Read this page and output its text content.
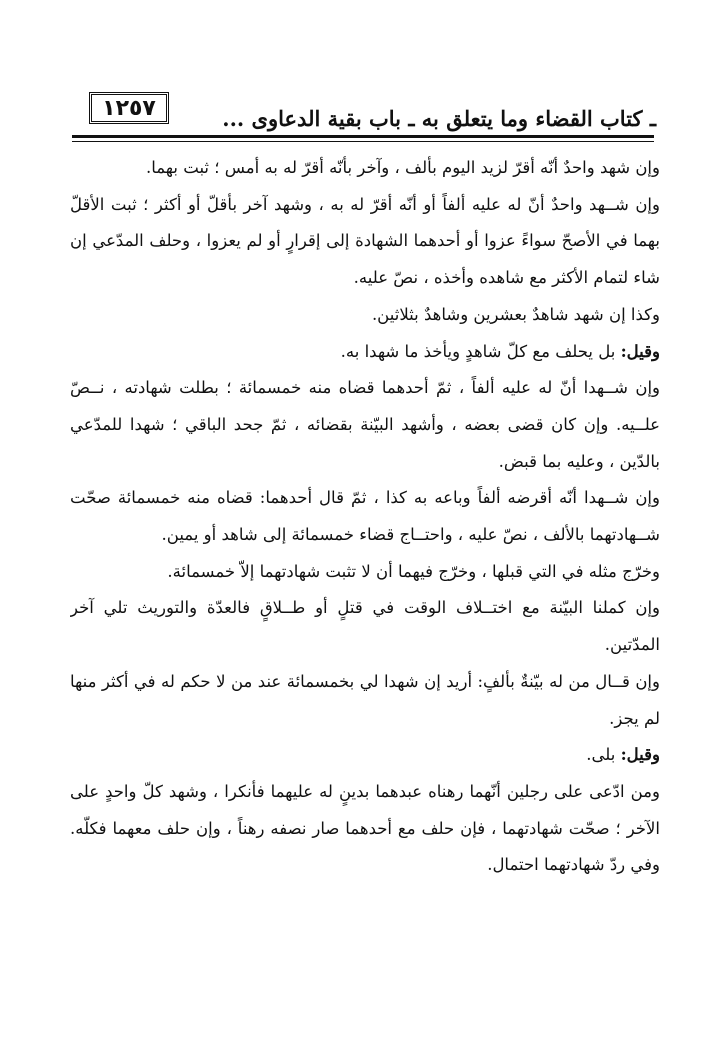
١٢٥٧	ـ كتاب القضاء وما يتعلق به ـ باب بقية الدعاوى ...

وإن شهد واحدٌ أنّه أقرّ لزيد اليوم بألف ، وآخر بأنّه أقرّ له به أمس ؛ ثبت بهما.

وإن شــهد واحدٌ أنّ له عليه ألفاً أو أنّه أقرّ له به ، وشهد آخر بأقلّ أو أكثر ؛ ثبت الأقلّ بهما في الأصحّ سواءً عزوا أو أحدهما الشهادة إلى إقرارٍ أو لم يعزوا ، وحلف المدّعي إن شاء لتمام الأكثر مع شاهده وأخذه ، نصّ عليه.

وكذا إن شهد شاهدٌ بعشرين وشاهدٌ بثلاثين.

وقيل: بل يحلف مع كلّ شاهدٍ ويأخذ ما شهدا به.

وإن شــهدا أنّ له عليه ألفاً ، ثمّ أحدهما قضاه منه خمسمائة ؛ بطلت شهادته ، نــصّ علــيه. وإن كان قضى بعضه ، وأشهد البيّنة بقضائه ، ثمّ جحد الباقي ؛ شهدا للمدّعي بالدّين ، وعليه بما قبض.

وإن شــهدا أنّه أقرضه ألفاً وباعه به كذا ، ثمّ قال أحدهما: قضاه منه خمسمائة صحّت شــهادتهما بالألف ، نصّ عليه ، واحتــاج قضاء خمسمائة إلى شاهد أو يمين.

وخرّج مثله في التي قبلها ، وخرّج فيهما أن لا تثبت شهادتهما إلاّ خمسمائة.

وإن كملنا البيّنة مع اختــلاف الوقت في قتلٍ أو طــلاقٍ فالعدّة والتوريث تلي آخر المدّتين.

وإن قــال من له بيّنةٌ بألفٍ: أريد إن شهدا لي بخمسمائة عند من لا حكم له في أكثر منها لم يجز.

وقيل: بلى.

ومن ادّعى على رجلين أنّهما رهناه عبدهما بدينٍ له عليهما فأنكرا ، وشهد كلّ واحدٍ على الآخر ؛ صحّت شهادتهما ، فإن حلف مع أحدهما صار نصفه رهناً ، وإن حلف معهما فكلّه. وفي ردّ شهادتهما احتمال.
